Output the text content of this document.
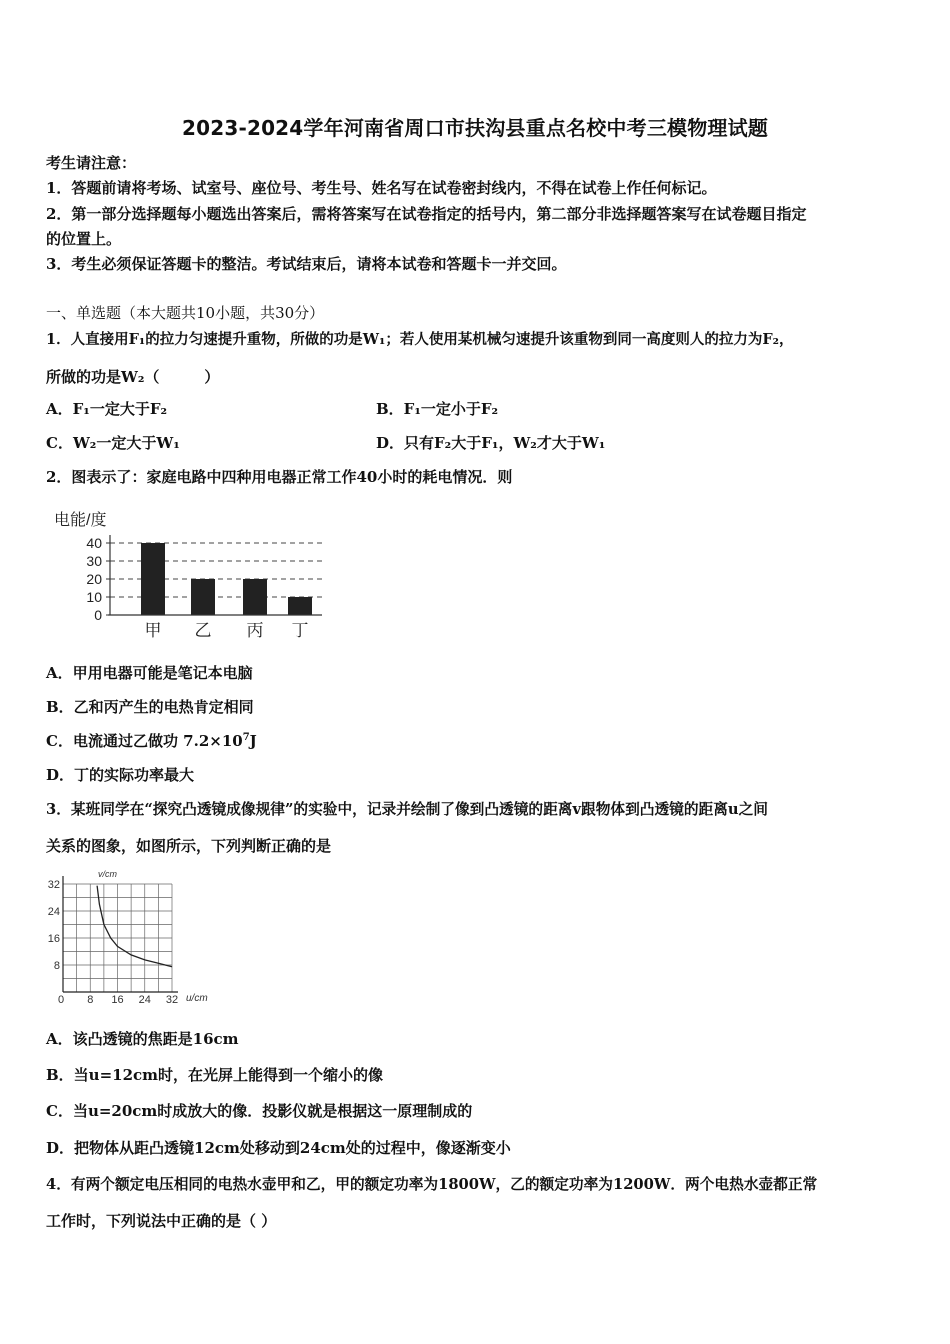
2023-2024学年河南省周口市扶沟县重点名校中考三模物理试题
考生请注意：
1．答题前请将考场、试室号、座位号、考生号、姓名写在试卷密封线内，不得在试卷上作任何标记。
2．第一部分选择题每小题选出答案后，需将答案写在试卷指定的括号内，第二部分非选择题答案写在试卷题目指定
的位置上。
3．考生必须保证答题卡的整洁。考试结束后，请将本试卷和答题卡一并交回。
一、单选题（本大题共10小题，共30分）
1．人直接用F₁的拉力匀速提升重物，所做的功是W₁；若人使用某机械匀速提升该重物到同一高度则人的拉力为F₂，
所做的功是W₂（　　　）
A．F₁一定大于F₂	B．F₁一定小于F₂
C．W₂一定大于W₁	D．只有F₂大于F₁，W₂才大于W₁
2．图表示了：家庭电路中四种用电器正常工作40小时的耗电情况．则
电能/度
40
30
20
10
0
甲 乙 丙 丁
A．甲用电器可能是笔记本电脑
B．乙和丙产生的电热肯定相同
C．电流通过乙做功 $7.2\times 10^7J$
D．丁的实际功率最大
3．某班同学在“探究凸透镜成像规律”的实验中，记录并绘制了像到凸透镜的距离v跟物体到凸透镜的距离u之间
关系的图象，如图所示，下列判断正确的是
32
24
16
8
0 8 16 24 32
v/cm
u/cm
A．该凸透镜的焦距是16cm
B．当u=12cm时，在光屏上能得到一个缩小的像
C．当u=20cm时成放大的像．投影仪就是根据这一原理制成的
D．把物体从距凸透镜12cm处移动到24cm处的过程中，像逐渐变小
4．有两个额定电压相同的电热水壶甲和乙，甲的额定功率为1800W，乙的额定功率为1200W．两个电热水壶都正常
工作时，下列说法中正确的是（ ）
